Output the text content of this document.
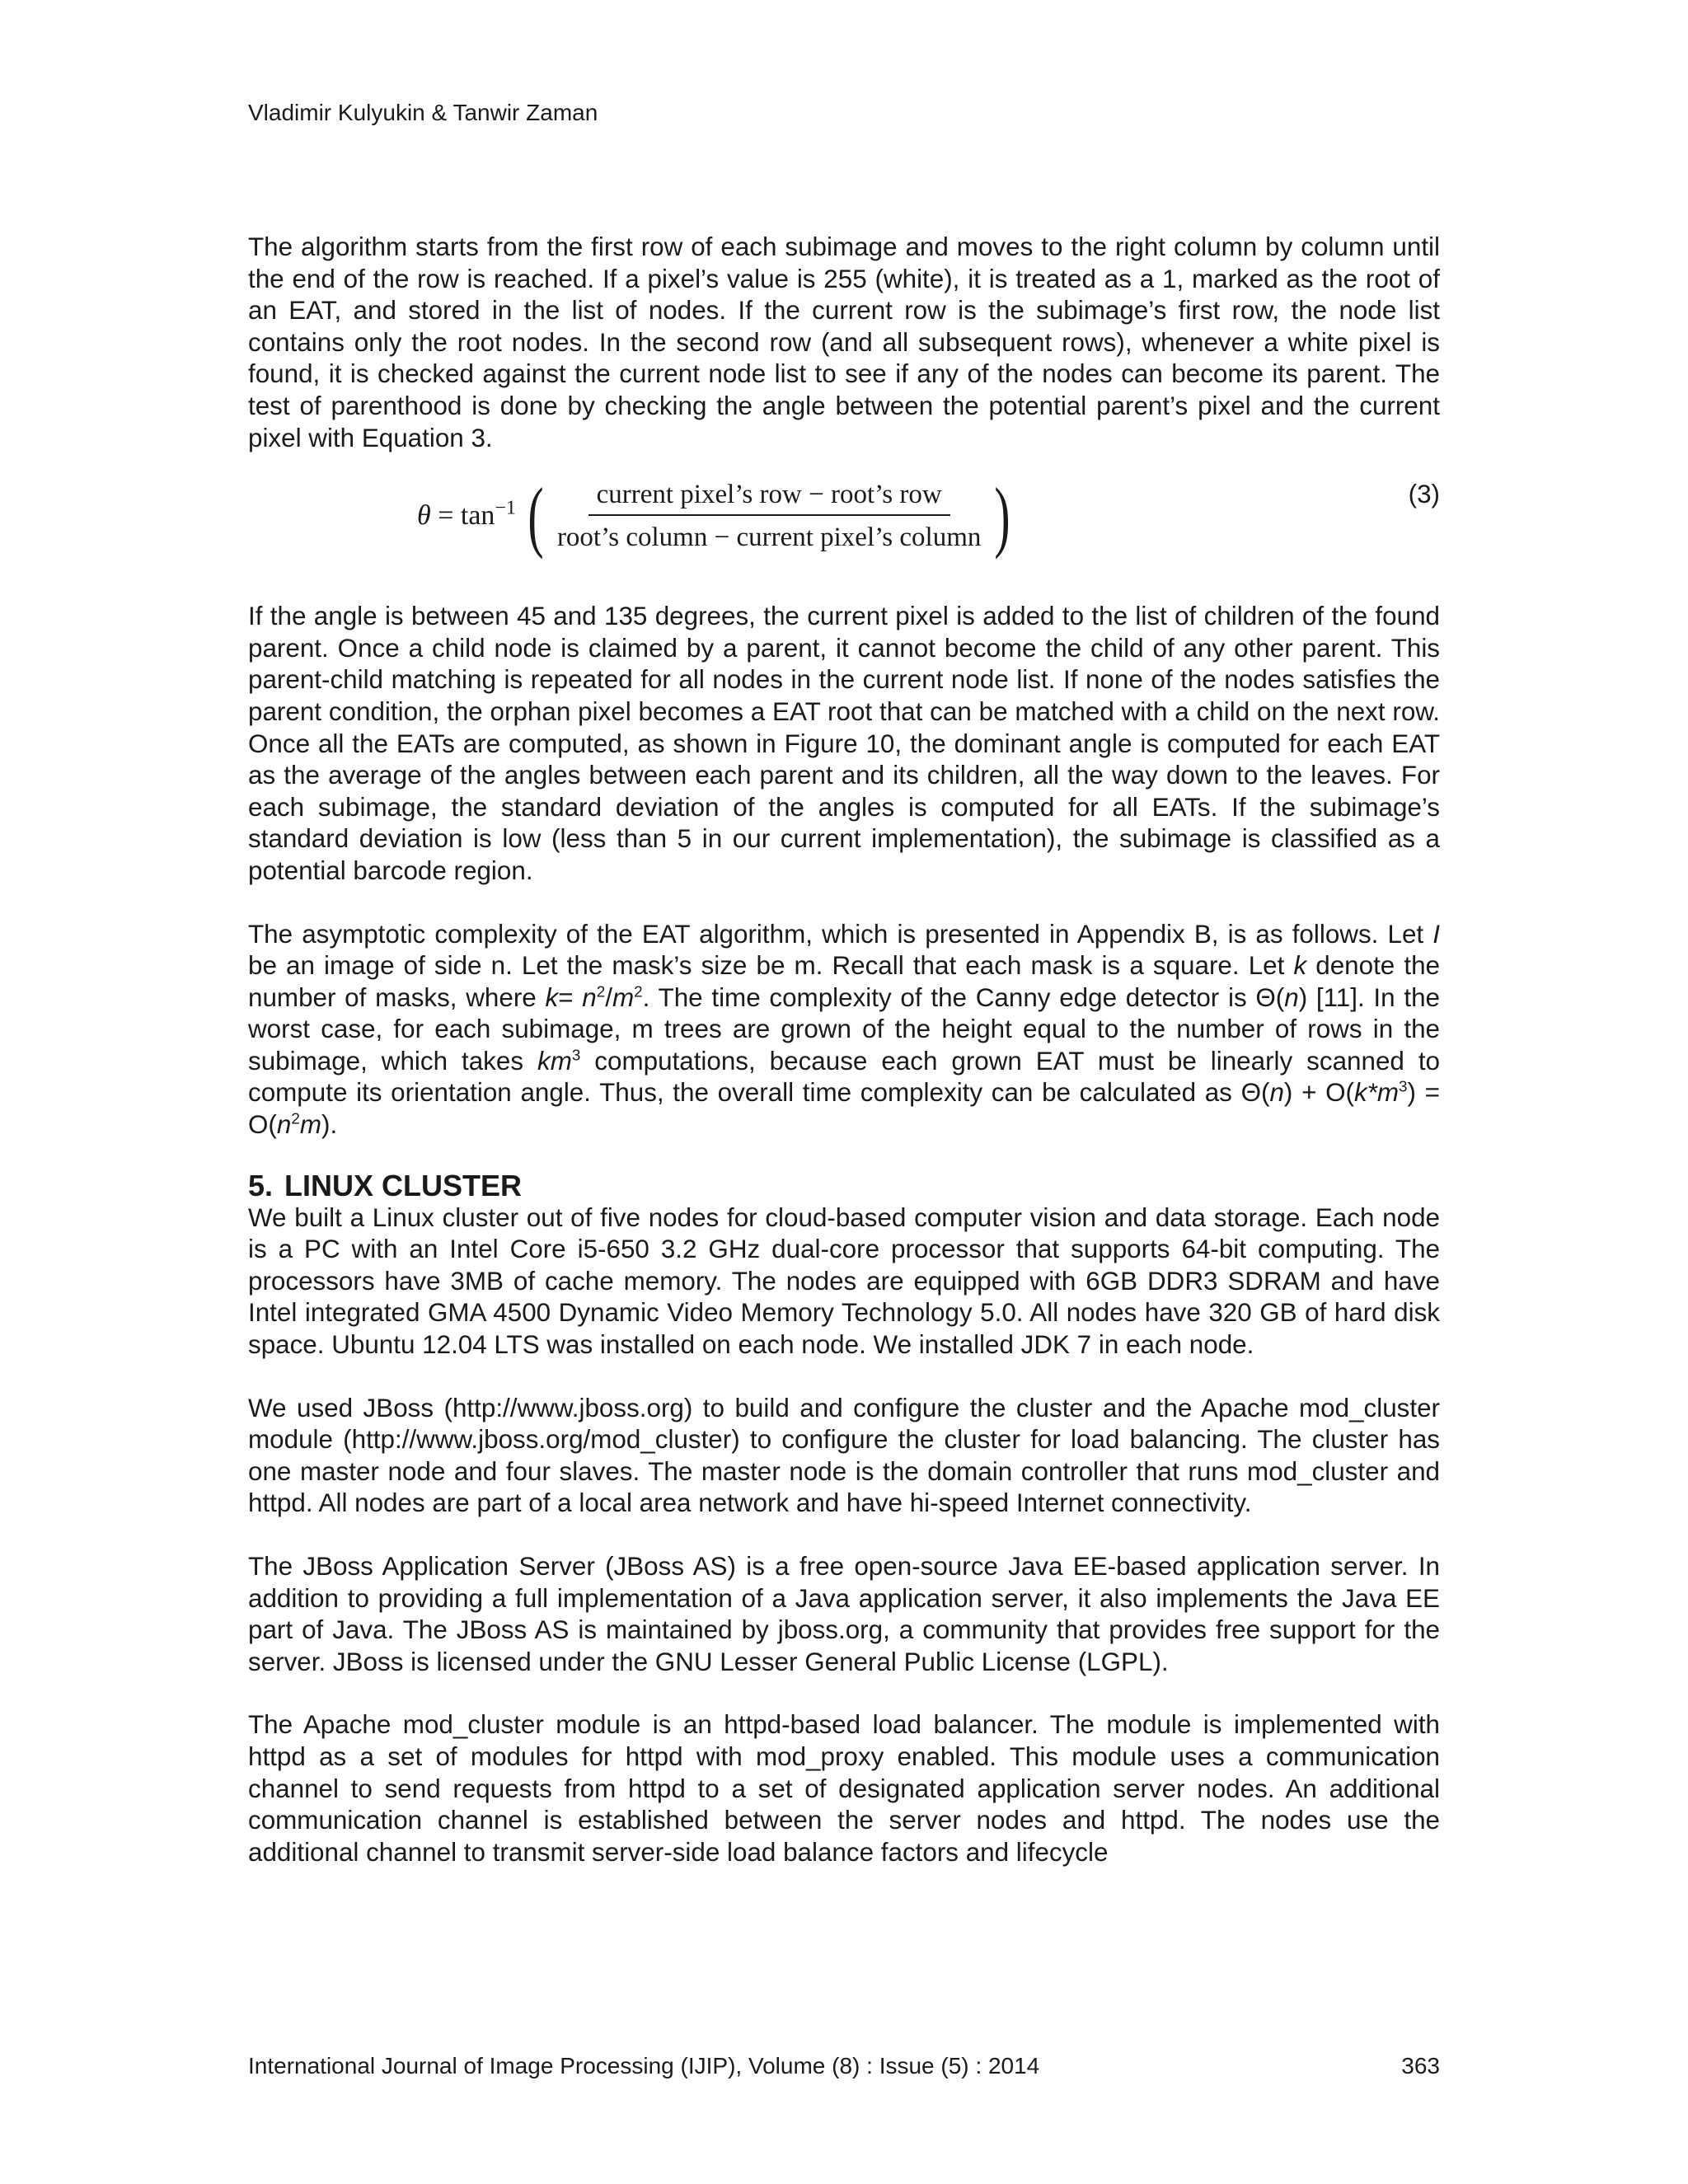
Vladimir Kulyukin & Tanwir Zaman

The algorithm starts from the first row of each subimage and moves to the right column by column until the end of the row is reached. If a pixel’s value is 255 (white), it is treated as a 1, marked as the root of an EAT, and stored in the list of nodes. If the current row is the subimage’s first row, the node list contains only the root nodes. In the second row (and all subsequent rows), whenever a white pixel is found, it is checked against the current node list to see if any of the nodes can become its parent. The test of parenthood is done by checking the angle between the potential parent’s pixel and the current pixel with Equation 3.

$\theta = \tan^{-1}$ ( $\frac{\text{current pixel’s row − root’s row}}{\text{root’s column − current pixel’s column}}$ )	(3)

If the angle is between 45 and 135 degrees, the current pixel is added to the list of children of the found parent. Once a child node is claimed by a parent, it cannot become the child of any other parent. This parent-child matching is repeated for all nodes in the current node list. If none of the nodes satisfies the parent condition, the orphan pixel becomes a EAT root that can be matched with a child on the next row. Once all the EATs are computed, as shown in Figure 10, the dominant angle is computed for each EAT as the average of the angles between each parent and its children, all the way down to the leaves. For each subimage, the standard deviation of the angles is computed for all EATs. If the subimage’s standard deviation is low (less than 5 in our current implementation), the subimage is classified as a potential barcode region.

The asymptotic complexity of the EAT algorithm, which is presented in Appendix B, is as follows. Let I be an image of side n. Let the mask’s size be m. Recall that each mask is a square. Let k denote the number of masks, where $k= n^2/m^2$. The time complexity of the Canny edge detector is Θ(n) [11]. In the worst case, for each subimage, m trees are grown of the height equal to the number of rows in the subimage, which takes $km^3$ computations, because each grown EAT must be linearly scanned to compute its orientation angle. Thus, the overall time complexity can be calculated as $\Theta(n) + O(k*m^3) = O(n^2m)$.

5. LINUX CLUSTER

We built a Linux cluster out of five nodes for cloud-based computer vision and data storage. Each node is a PC with an Intel Core i5-650 3.2 GHz dual-core processor that supports 64-bit computing. The processors have 3MB of cache memory. The nodes are equipped with 6GB DDR3 SDRAM and have Intel integrated GMA 4500 Dynamic Video Memory Technology 5.0. All nodes have 320 GB of hard disk space. Ubuntu 12.04 LTS was installed on each node. We installed JDK 7 in each node.

We used JBoss (http://www.jboss.org) to build and configure the cluster and the Apache mod_cluster module (http://www.jboss.org/mod_cluster) to configure the cluster for load balancing. The cluster has one master node and four slaves. The master node is the domain controller that runs mod_cluster and httpd. All nodes are part of a local area network and have hi-speed Internet connectivity.

The JBoss Application Server (JBoss AS) is a free open-source Java EE-based application server. In addition to providing a full implementation of a Java application server, it also implements the Java EE part of Java. The JBoss AS is maintained by jboss.org, a community that provides free support for the server. JBoss is licensed under the GNU Lesser General Public License (LGPL).

The Apache mod_cluster module is an httpd-based load balancer. The module is implemented with httpd as a set of modules for httpd with mod_proxy enabled. This module uses a communication channel to send requests from httpd to a set of designated application server nodes. An additional communication channel is established between the server nodes and httpd. The nodes use the additional channel to transmit server-side load balance factors and lifecycle

International Journal of Image Processing (IJIP), Volume (8) : Issue (5) : 2014	363
